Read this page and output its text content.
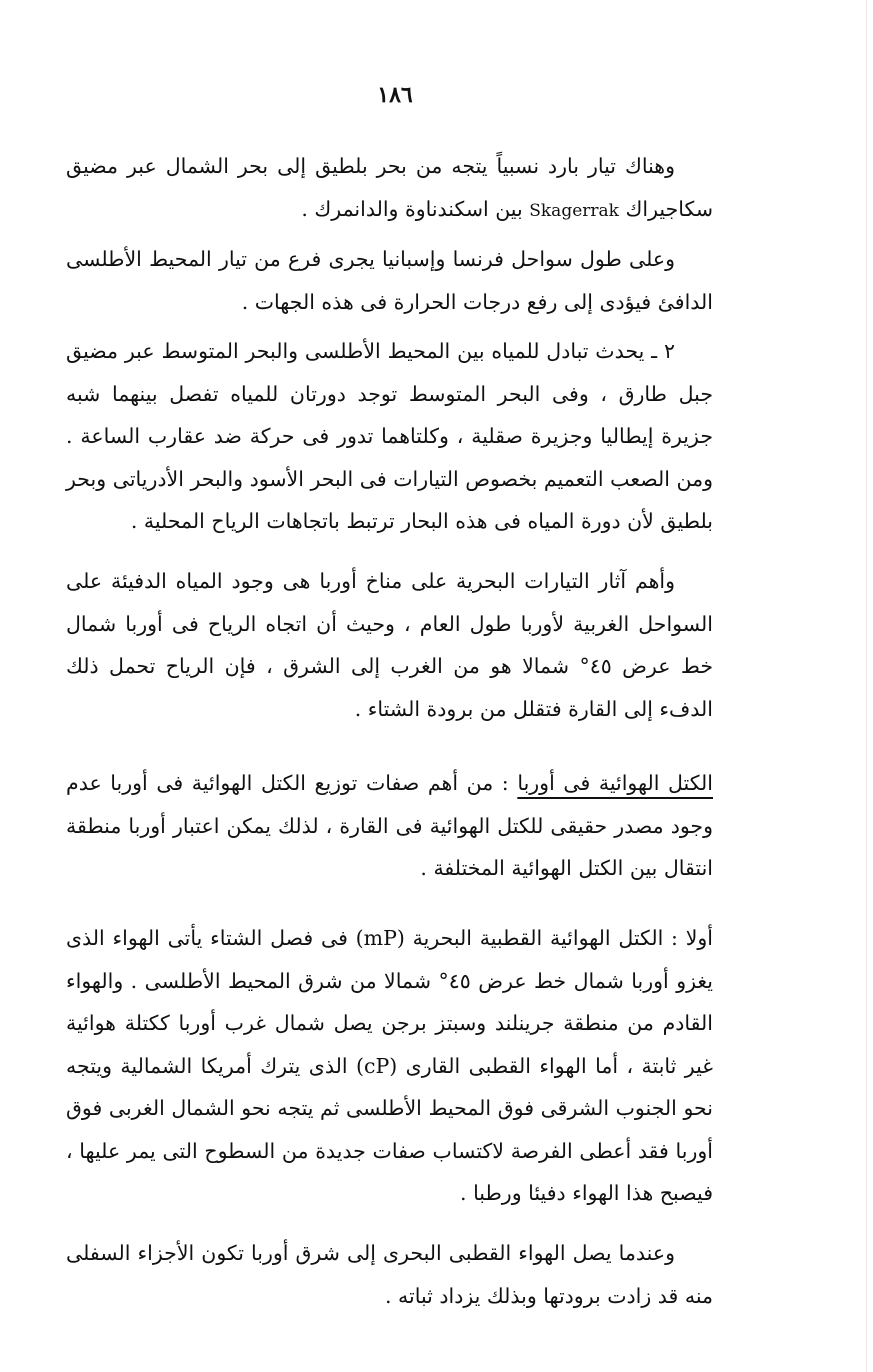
١٨٦

وهناك تيار بارد نسبياً يتجه من بحر بلطيق إلى بحر الشمال عبر مضيق سكاجيراك Skagerrak بين اسكندناوة والدانمرك .

وعلى طول سواحل فرنسا وإسبانيا يجرى فرع من تيار المحيط الأطلسى الدافئ فيؤدى إلى رفع درجات الحرارة فى هذه الجهات .

٢ ـ يحدث تبادل للمياه بين المحيط الأطلسى والبحر المتوسط عبر مضيق جبل طارق ، وفى البحر المتوسط توجد دورتان للمياه تفصل بينهما شبه جزيرة إيطاليا وجزيرة صقلية ، وكلتاهما تدور فى حركة ضد عقارب الساعة . ومن الصعب التعميم بخصوص التيارات فى البحر الأسود والبحر الأدرياتى وبحر بلطيق لأن دورة المياه فى هذه البحار ترتبط باتجاهات الرياح المحلية .

وأهم آثار التيارات البحرية على مناخ أوربا هى وجود المياه الدفيئة على السواحل الغربية لأوربا طول العام ، وحيث أن اتجاه الرياح فى أوربا شمال خط عرض ٤٥° شمالا هو من الغرب إلى الشرق ، فإن الرياح تحمل ذلك الدفء إلى القارة فتقلل من برودة الشتاء .

الكتل الهوائية فى أوربا : من أهم صفات توزيع الكتل الهوائية فى أوربا عدم وجود مصدر حقيقى للكتل الهوائية فى القارة ، لذلك يمكن اعتبار أوربا منطقة انتقال بين الكتل الهوائية المختلفة .

أولا : الكتل الهوائية القطبية البحرية (mP) فى فصل الشتاء يأتى الهواء الذى يغزو أوربا شمال خط عرض ٤٥° شمالا من شرق المحيط الأطلسى . والهواء القادم من منطقة جرينلند وسبتز برجن يصل شمال غرب أوربا ككتلة هوائية غير ثابتة ، أما الهواء القطبى القارى (cP) الذى يترك أمريكا الشمالية ويتجه نحو الجنوب الشرقى فوق المحيط الأطلسى ثم يتجه نحو الشمال الغربى فوق أوربا فقد أعطى الفرصة لاكتساب صفات جديدة من السطوح التى يمر عليها ، فيصبح هذا الهواء دفيئا ورطبا .

وعندما يصل الهواء القطبى البحرى إلى شرق أوربا تكون الأجزاء السفلى منه قد زادت برودتها وبذلك يزداد ثباته .
